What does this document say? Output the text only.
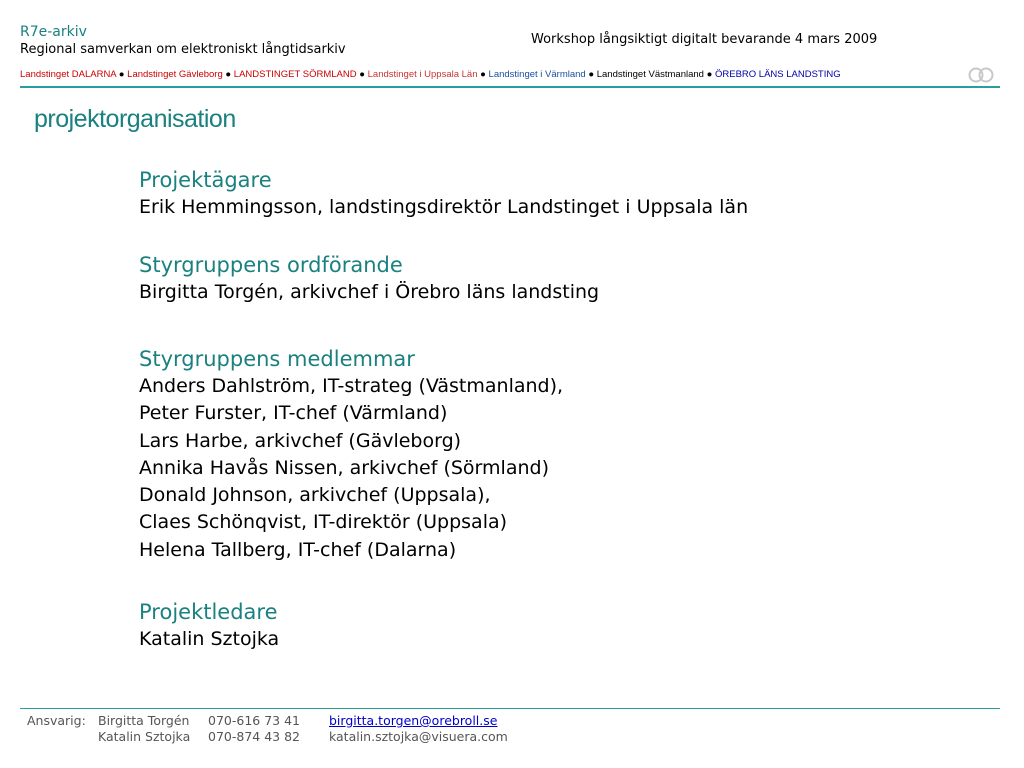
R7e-arkiv
Regional samverkan om elektroniskt långtidsarkiv
Workshop långsiktigt digitalt bevarande 4 mars 2009
Landstinget DALARNA ● Landstinget Gävleborg ● LANDSTINGET SÖRMLAND ● Landstinget i Uppsala Län ● Landstinget i Värmland ● Landstinget Västmanland ● ÖREBRO LÄNS LANDSTING
projektorganisation
Projektägare
Erik Hemmingsson, landstingsdirektör Landstinget i Uppsala län
Styrgruppens ordförande
Birgitta Torgén, arkivchef i Örebro läns landsting
Styrgruppens medlemmar
Anders Dahlström, IT-strateg (Västmanland),
Peter Furster, IT-chef (Värmland)
Lars Harbe, arkivchef (Gävleborg)
Annika Havås Nissen, arkivchef (Sörmland)
Donald Johnson, arkivchef (Uppsala),
Claes Schönqvist, IT-direktör (Uppsala)
Helena Tallberg, IT-chef (Dalarna)
Projektledare
Katalin Sztojka
Ansvarig: Birgitta Torgén 070-616 73 41 birgitta.torgen@orebroll.se
Katalin Sztojka 070-874 43 82 katalin.sztojka@visuera.com
